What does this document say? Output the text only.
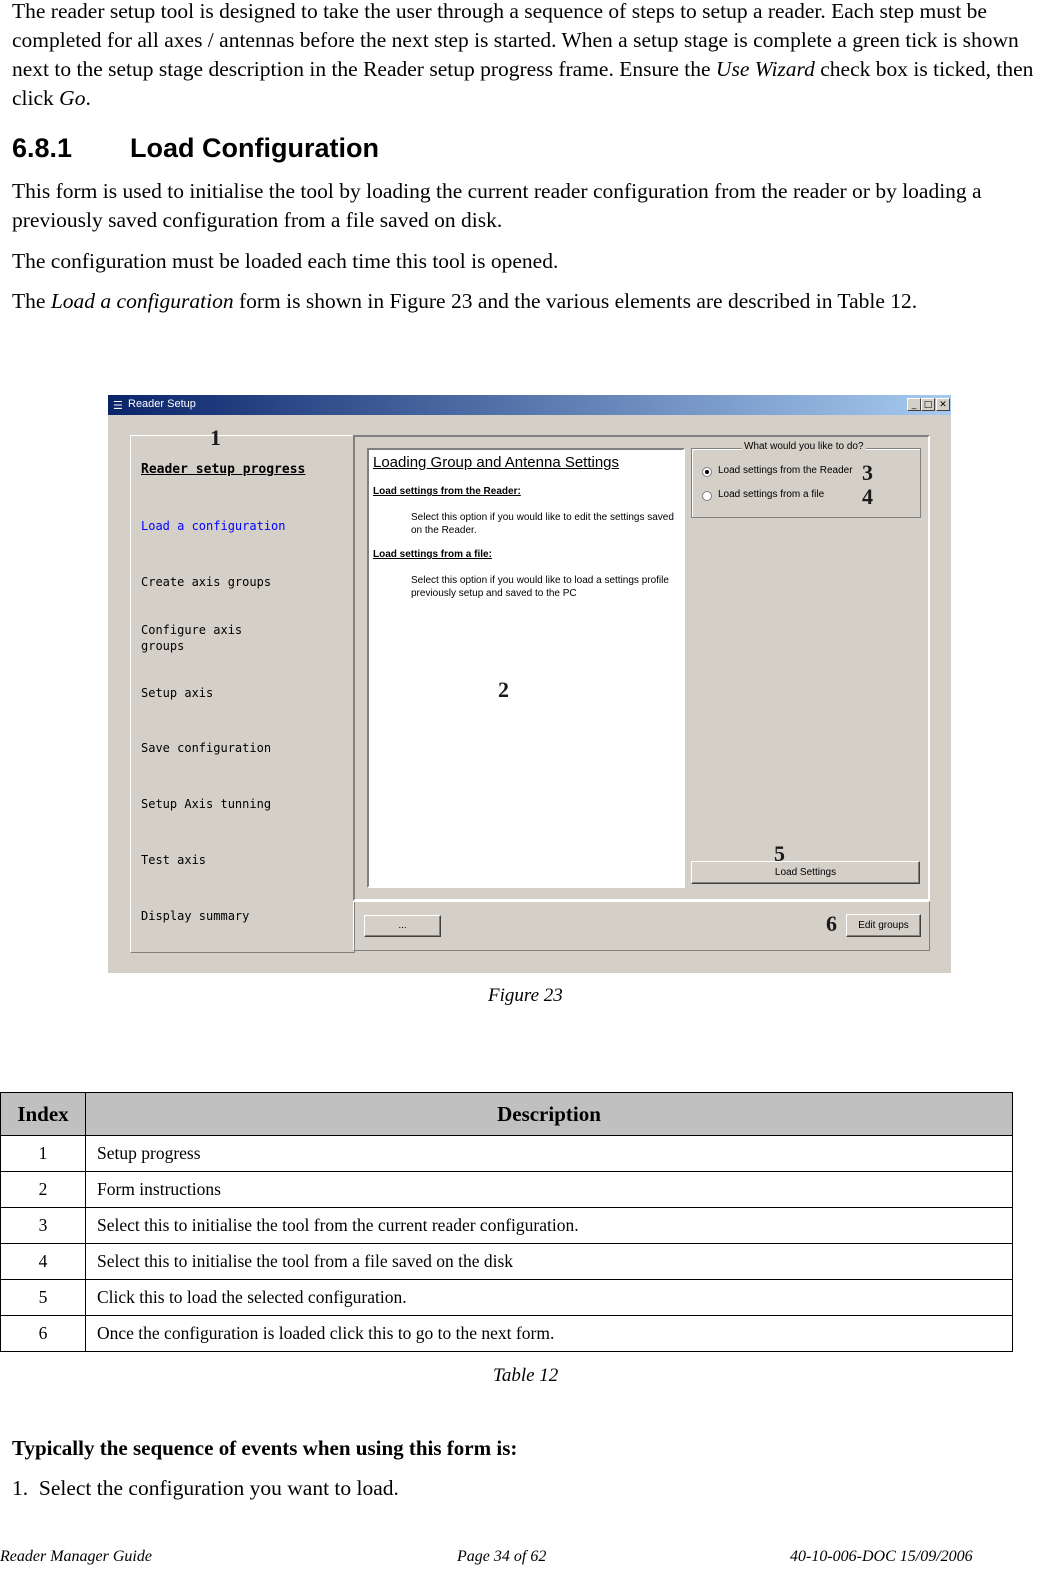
The reader setup tool is designed to take the user through a sequence of steps to setup a reader. Each step must be completed for all axes / antennas before the next step is started. When a setup stage is complete a green tick is shown next to the setup stage description in the Reader setup progress frame. Ensure the Use Wizard check box is ticked, then click Go.

6.8.1 Load Configuration

This form is used to initialise the tool by loading the current reader configuration from the reader or by loading a previously saved configuration from a file saved on disk.

The configuration must be loaded each time this tool is opened.

The Load a configuration form is shown in Figure 23 and the various elements are described in Table 12.

☰ Reader Setup	_ □ ✕
Reader setup progress
Load a configuration
Create axis groups
Configure axis
groups
Setup axis
Save configuration
Setup Axis tunning
Test axis
Display summary
Loading Group and Antenna Settings
Load settings from the Reader:
Select this option if you would like to edit the settings saved on the Reader.
Load settings from a file:
Select this option if you would like to load a settings profile previously setup and saved to the PC
What would you like to do?
Load settings from the Reader
Load settings from a file
Load Settings
...	Edit groups
1
2
3
4
5
6
Figure 23
Index	Description
1	Setup progress
2	Form instructions
3	Select this to initialise the tool from the current reader configuration.
4	Select this to initialise the tool from a file saved on the disk
5	Click this to load the selected configuration.
6	Once the configuration is loaded click this to go to the next form.
Table 12
Typically the sequence of events when using this form is:

1. Select the configuration you want to load.

Reader Manager Guide	Page 34 of 62	40-10-006-DOC 15/09/2006
